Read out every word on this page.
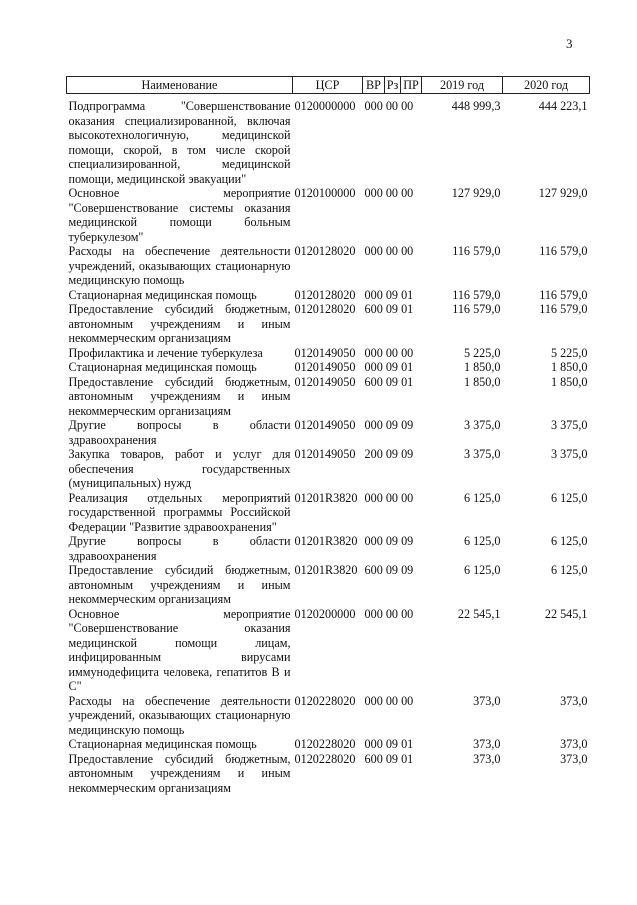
3
Наименование	ЦСР	ВР	Рз	ПР	2019 год	2020 год
Подпрограмма "Совершенствование оказания специализированной, включая высокотехнологичную, медицинской помощи, скорой, в том числе скорой специализированной, медицинской помощи, медицинской эвакуации"	0120000000	000 00 00			448 999,3	444 223,1
Основное мероприятие "Совершенствование системы оказания медицинской помощи больным туберкулезом"	0120100000	000 00 00			127 929,0	127 929,0
Расходы на обеспечение деятельности учреждений, оказывающих стационарную медицинскую помощь	0120128020	000 00 00			116 579,0	116 579,0
Стационарная медицинская помощь	0120128020	000 09 01			116 579,0	116 579,0
Предоставление субсидий бюджетным, автономным учреждениям и иным некоммерческим организациям	0120128020	600 09 01			116 579,0	116 579,0
Профилактика и лечение туберкулеза	0120149050	000 00 00			5 225,0	5 225,0
Стационарная медицинская помощь	0120149050	000 09 01			1 850,0	1 850,0
Предоставление субсидий бюджетным, автономным учреждениям и иным некоммерческим организациям	0120149050	600 09 01			1 850,0	1 850,0
Другие вопросы в области здравоохранения	0120149050	000 09 09			3 375,0	3 375,0
Закупка товаров, работ и услуг для обеспечения государственных (муниципальных) нужд	0120149050	200 09 09			3 375,0	3 375,0
Реализация отдельных мероприятий государственной программы Российской Федерации "Развитие здравоохранения"	01201R3820	000 00 00			6 125,0	6 125,0
Другие вопросы в области здравоохранения	01201R3820	000 09 09			6 125,0	6 125,0
Предоставление субсидий бюджетным, автономным учреждениям и иным некоммерческим организациям	01201R3820	600 09 09			6 125,0	6 125,0
Основное мероприятие "Совершенствование оказания медицинской помощи лицам, инфицированным вирусами иммунодефицита человека, гепатитов В и С"	0120200000	000 00 00			22 545,1	22 545,1
Расходы на обеспечение деятельности учреждений, оказывающих стационарную медицинскую помощь	0120228020	000 00 00			373,0	373,0
Стационарная медицинская помощь	0120228020	000 09 01			373,0	373,0
Предоставление субсидий бюджетным, автономным учреждениям и иным некоммерческим организациям	0120228020	600 09 01			373,0	373,0
